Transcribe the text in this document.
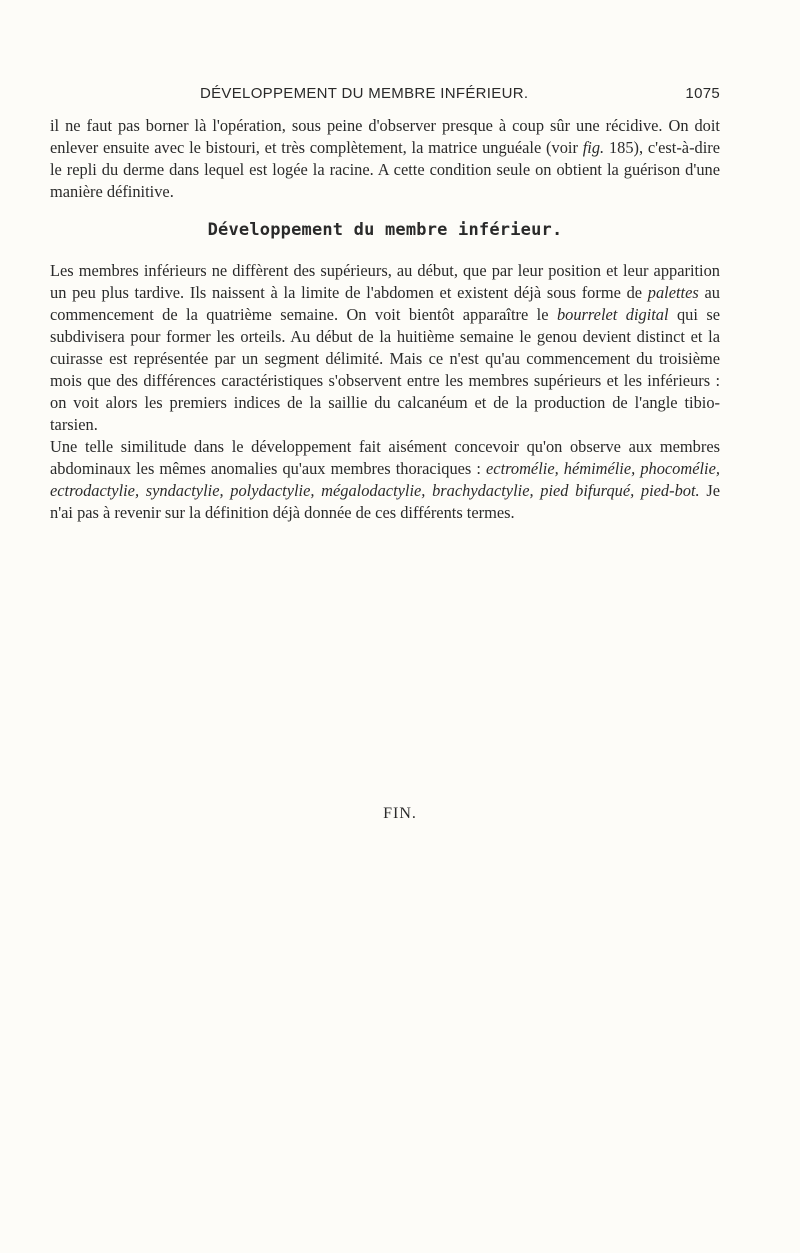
DÉVELOPPEMENT DU MEMBRE INFÉRIEUR.	1075

il ne faut pas borner là l'opération, sous peine d'observer presque à coup sûr une récidive. On doit enlever ensuite avec le bistouri, et très complètement, la matrice unguéale (voir fig. 185), c'est-à-dire le repli du derme dans lequel est logée la racine. A cette condition seule on obtient la guérison d'une manière définitive.

Développement du membre inférieur.

Les membres inférieurs ne diffèrent des supérieurs, au début, que par leur position et leur apparition un peu plus tardive. Ils naissent à la limite de l'abdomen et existent déjà sous forme de palettes au commencement de la quatrième semaine. On voit bientôt apparaître le bourrelet digital qui se subdivisera pour former les orteils. Au début de la huitième semaine le genou devient distinct et la cuirasse est représentée par un segment délimité. Mais ce n'est qu'au commencement du troisième mois que des différences caractéristiques s'observent entre les membres supérieurs et les inférieurs : on voit alors les premiers indices de la saillie du calcanéum et de la production de l'angle tibio-tarsien.

Une telle similitude dans le développement fait aisément concevoir qu'on observe aux membres abdominaux les mêmes anomalies qu'aux membres thoraciques : ectromélie, hémimélie, phocomélie, ectrodactylie, syndactylie, polydactylie, mégalodactylie, brachydactylie, pied bifurqué, pied-bot. Je n'ai pas à revenir sur la définition déjà donnée de ces différents termes.

FIN.
